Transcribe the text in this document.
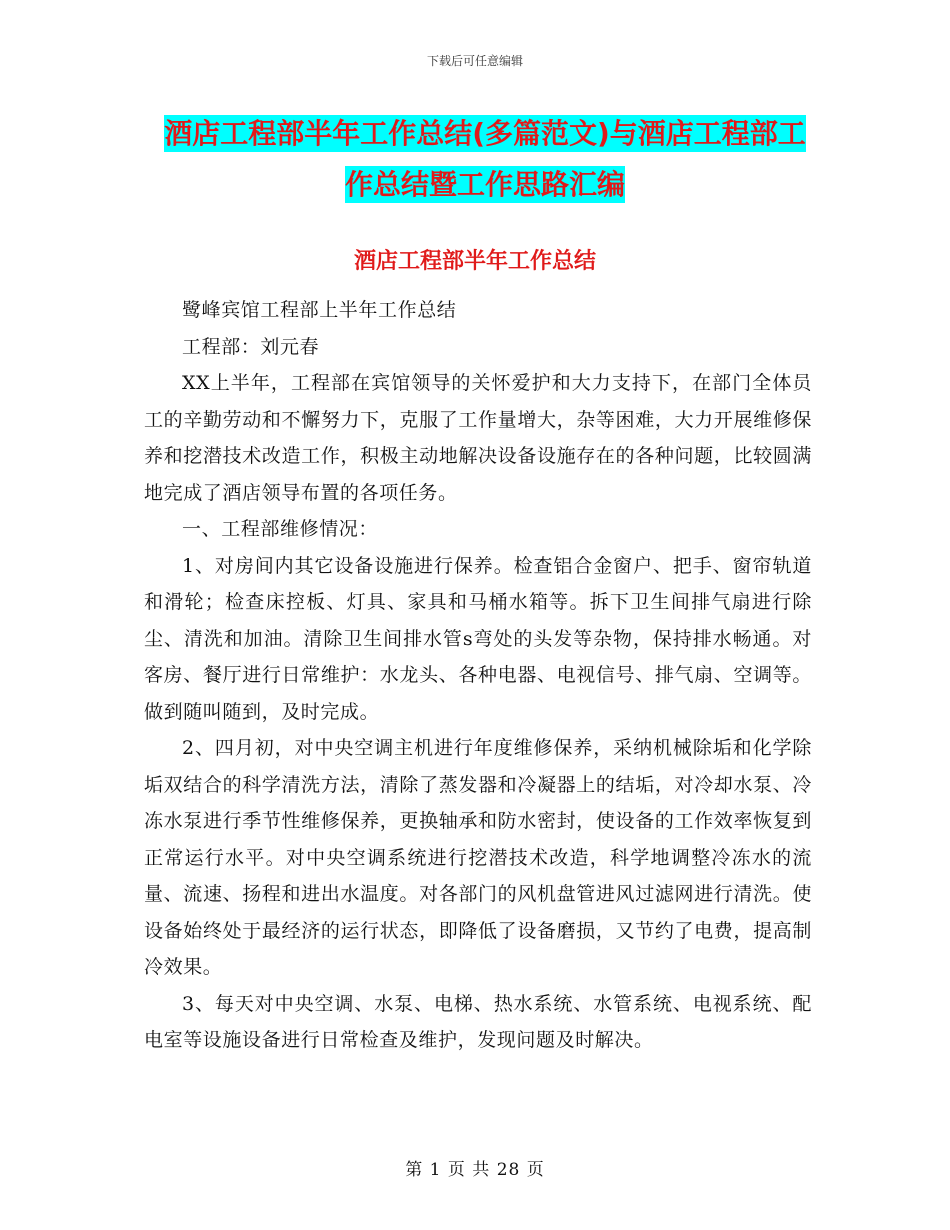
下载后可任意编辑
酒店工程部半年工作总结(多篇范文)与酒店工程部工
作总结暨工作思路汇编
酒店工程部半年工作总结

鹭峰宾馆工程部上半年工作总结

工程部：刘元春

XX上半年，工程部在宾馆领导的关怀爱护和大力支持下，在部门全体员工的辛勤劳动和不懈努力下，克服了工作量增大，杂等困难，大力开展维修保养和挖潜技术改造工作，积极主动地解决设备设施存在的各种问题，比较圆满地完成了酒店领导布置的各项任务。

一、工程部维修情况：

1、对房间内其它设备设施进行保养。检查铝合金窗户、把手、窗帘轨道和滑轮；检查床控板、灯具、家具和马桶水箱等。拆下卫生间排气扇进行除尘、清洗和加油。清除卫生间排水管s弯处的头发等杂物，保持排水畅通。对客房、餐厅进行日常维护：水龙头、各种电器、电视信号、排气扇、空调等。做到随叫随到，及时完成。

2、四月初，对中央空调主机进行年度维修保养，采纳机械除垢和化学除垢双结合的科学清洗方法，清除了蒸发器和冷凝器上的结垢，对冷却水泵、冷冻水泵进行季节性维修保养，更换轴承和防水密封，使设备的工作效率恢复到正常运行水平。对中央空调系统进行挖潜技术改造，科学地调整冷冻水的流量、流速、扬程和进出水温度。对各部门的风机盘管进风过滤网进行清洗。使设备始终处于最经济的运行状态，即降低了设备磨损，又节约了电费，提高制冷效果。

3、每天对中央空调、水泵、电梯、热水系统、水管系统、电视系统、配电室等设施设备进行日常检查及维护，发现问题及时解决。

第 1 页 共 28 页
